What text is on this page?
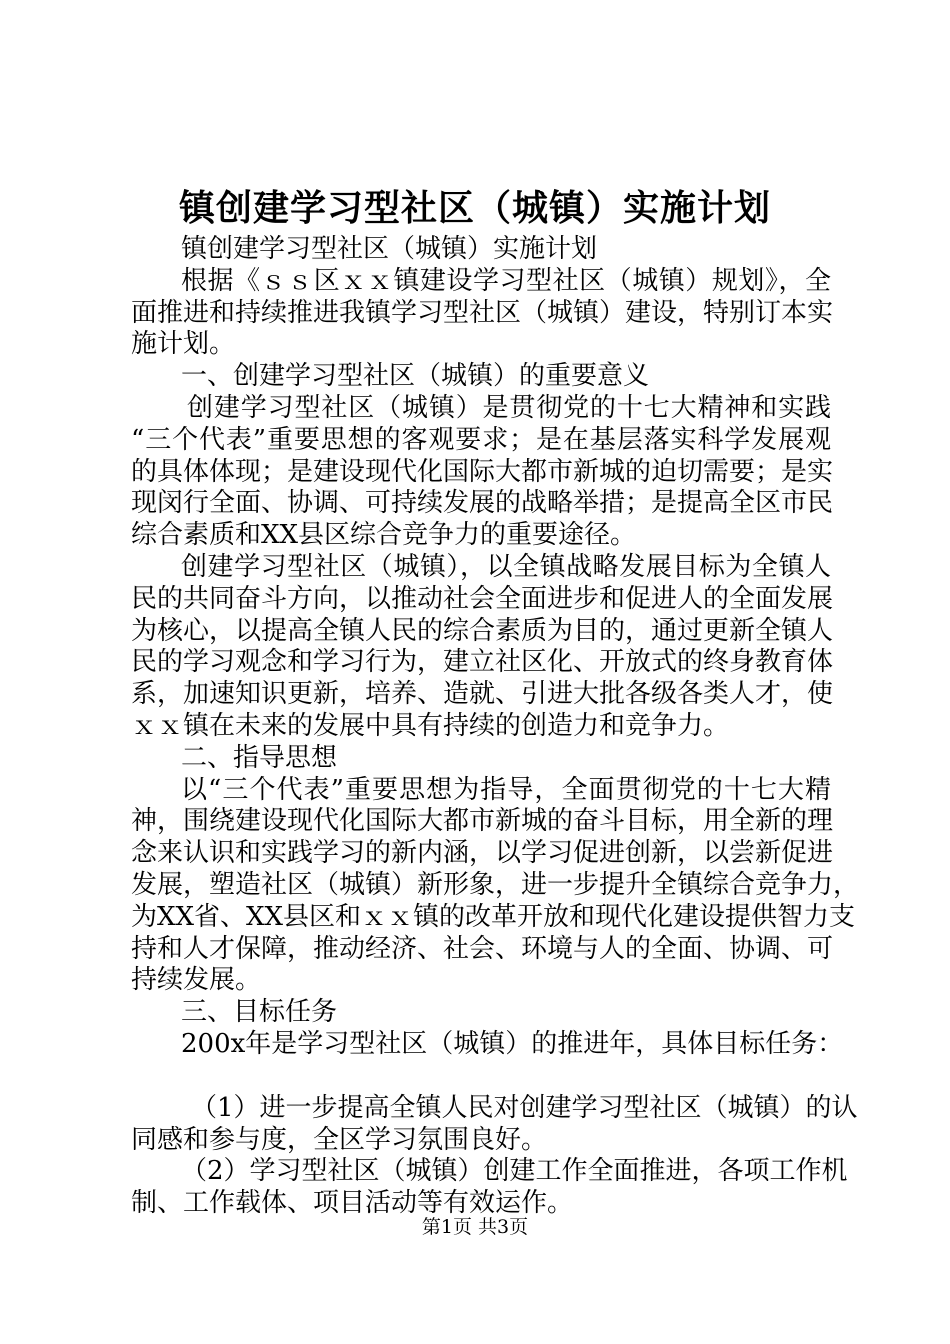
镇创建学习型社区（城镇）实施计划
镇创建学习型社区（城镇）实施计划
根据《ｓｓ区ｘｘ镇建设学习型社区（城镇）规划》，全
面推进和持续推进我镇学习型社区（城镇）建设，特别订本实
施计划。
一、创建学习型社区（城镇）的重要意义
创建学习型社区（城镇）是贯彻党的十七大精神和实践
“三个代表”重要思想的客观要求；是在基层落实科学发展观
的具体体现；是建设现代化国际大都市新城的迫切需要；是实
现闵行全面、协调、可持续发展的战略举措；是提高全区市民
综合素质和XX县区综合竞争力的重要途径。
创建学习型社区（城镇），以全镇战略发展目标为全镇人
民的共同奋斗方向，以推动社会全面进步和促进人的全面发展
为核心，以提高全镇人民的综合素质为目的，通过更新全镇人
民的学习观念和学习行为，建立社区化、开放式的终身教育体
系，加速知识更新，培养、造就、引进大批各级各类人才，使
ｘｘ镇在未来的发展中具有持续的创造力和竞争力。
二、指导思想
以“三个代表”重要思想为指导，全面贯彻党的十七大精
神，围绕建设现代化国际大都市新城的奋斗目标，用全新的理
念来认识和实践学习的新内涵，以学习促进创新，以尝新促进
发展，塑造社区（城镇）新形象，进一步提升全镇综合竞争力，
为XX省、XX县区和ｘｘ镇的改革开放和现代化建设提供智力支
持和人才保障，推动经济、社会、环境与人的全面、协调、可
持续发展。
三、目标任务
200x年是学习型社区（城镇）的推进年，具体目标任务：
（1）进一步提高全镇人民对创建学习型社区（城镇）的认
同感和参与度，全区学习氛围良好。
（2）学习型社区（城镇）创建工作全面推进，各项工作机
制、工作载体、项目活动等有效运作。
第1页 共3页
